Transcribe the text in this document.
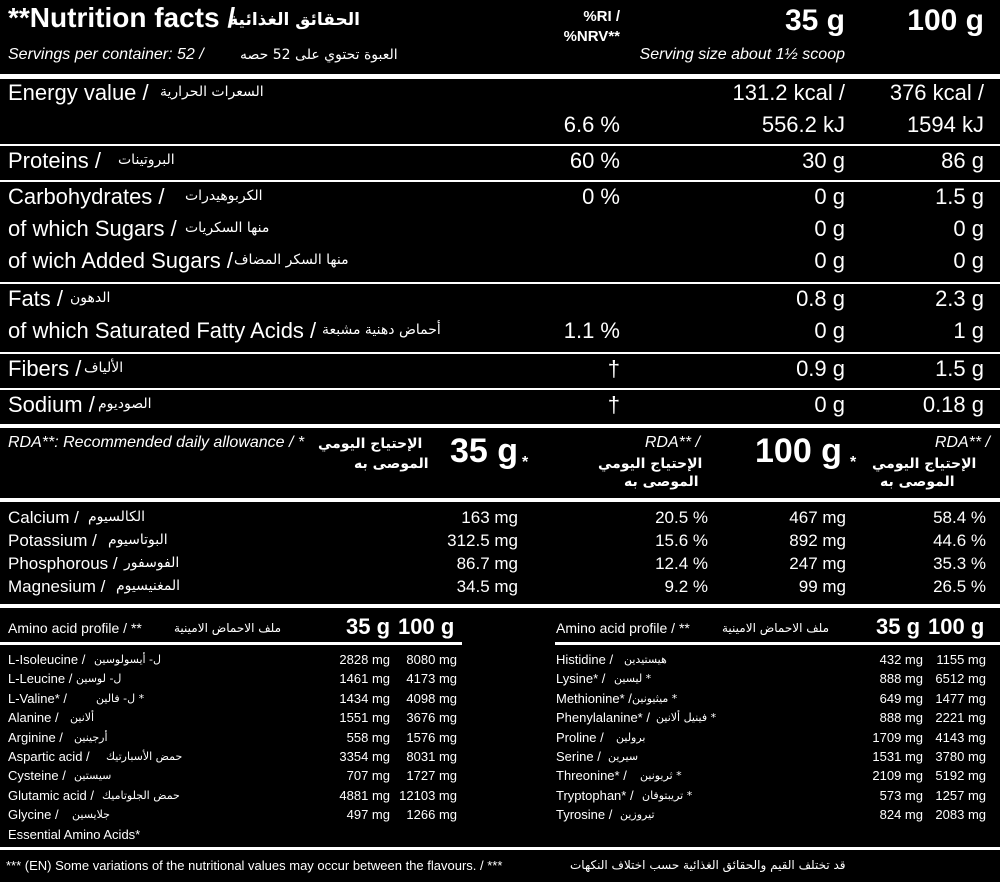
**Nutrition facts /
الحقائق الغذائية	%RI /
%NRV**	35 g 100 g
Servings per container: 52 /	العبوة تحتوي على 52 حصه	Serving size about 1½ scoop
Energy value / السعرات الحرارية	131.2 kcal / 376 kcal /
6.6 %	556.2 kJ	1594 kJ
Proteins / البروتينات	60 %	30 g	86 g
Carbohydrates / الكربوهيدرات	0 %	0 g	1.5 g
of which Sugars / منها السكريات	0 g	0 g
of wich Added Sugars / منها السكر المضاف	0 g	0 g
Fats / الدهون	0.8 g	2.3 g
of which Saturated Fatty Acids / أحماض دهنية مشبعة	1.1 %	0 g	1 g
Fibers / الألياف	†	0.9 g	1.5 g
Sodium / الصوديوم	†	0 g	0.18 g
RDA**: Recommended daily allowance / * الإحتياج اليومي
الموصى به 35 g *
RDA** /
الإحتياج اليومي
الموصى به
100 g *
RDA** /
الإحتياج اليومي
الموصى به
Calcium / الكالسيوم	163 mg	20.5 %	467 mg	58.4 %
Potassium / البوتاسيوم	312.5 mg	15.6 %	892 mg	44.6 %
Phosphorous / الفوسفور	86.7 mg	12.4 %	247 mg	35.3 %
Magnesium / المغنيسيوم	34.5 mg	9.2 %	99 mg	26.5 %
Amino acid profile / **	ملف الاحماض الامينية	35 g 100 g	Amino acid profile / **	ملف الاحماض الامينية 35 g 100 g
L-Isoleucine / ل- أيسولوسين	2828 mg 8080 mg
L-Leucine / ل- لوسين	1461 mg 4173 mg
L-Valine* /	* ل- فالين	1434 mg 4098 mg
Alanine / ألانين	1551 mg 3676 mg
Arginine / أرجينين	558 mg 1576 mg
Aspartic acid / حمض الأسبارتيك	3354 mg 8031 mg
Cysteine / سيستين	707 mg 1727 mg
Glutamic acid / حمض الجلوتاميك	4881 mg 12103 mg
Glycine / جلايسين	497 mg 1266 mg
Essential Amino Acids*
Histidine / هيستيدين	432 mg 1155 mg
Lysine* / * ليسين	888 mg 6512 mg
Methionine* / * ميثيونين	649 mg 1477 mg
Phenylalanine* / * فينيل ألانين	888 mg 2221 mg
Proline / برولين	1709 mg 4143 mg
Serine / سيرين	1531 mg 3780 mg
Threonine* / * ثريونين	2109 mg 5192 mg
Tryptophan* / * تريبتوفان	573 mg 1257 mg
Tyrosine / تيروزين	824 mg 2083 mg
*** (EN) Some variations of the nutritional values may occur between the flavours. / ***	قد تختلف القيم والحقائق الغذائية حسب اختلاف النكهات
